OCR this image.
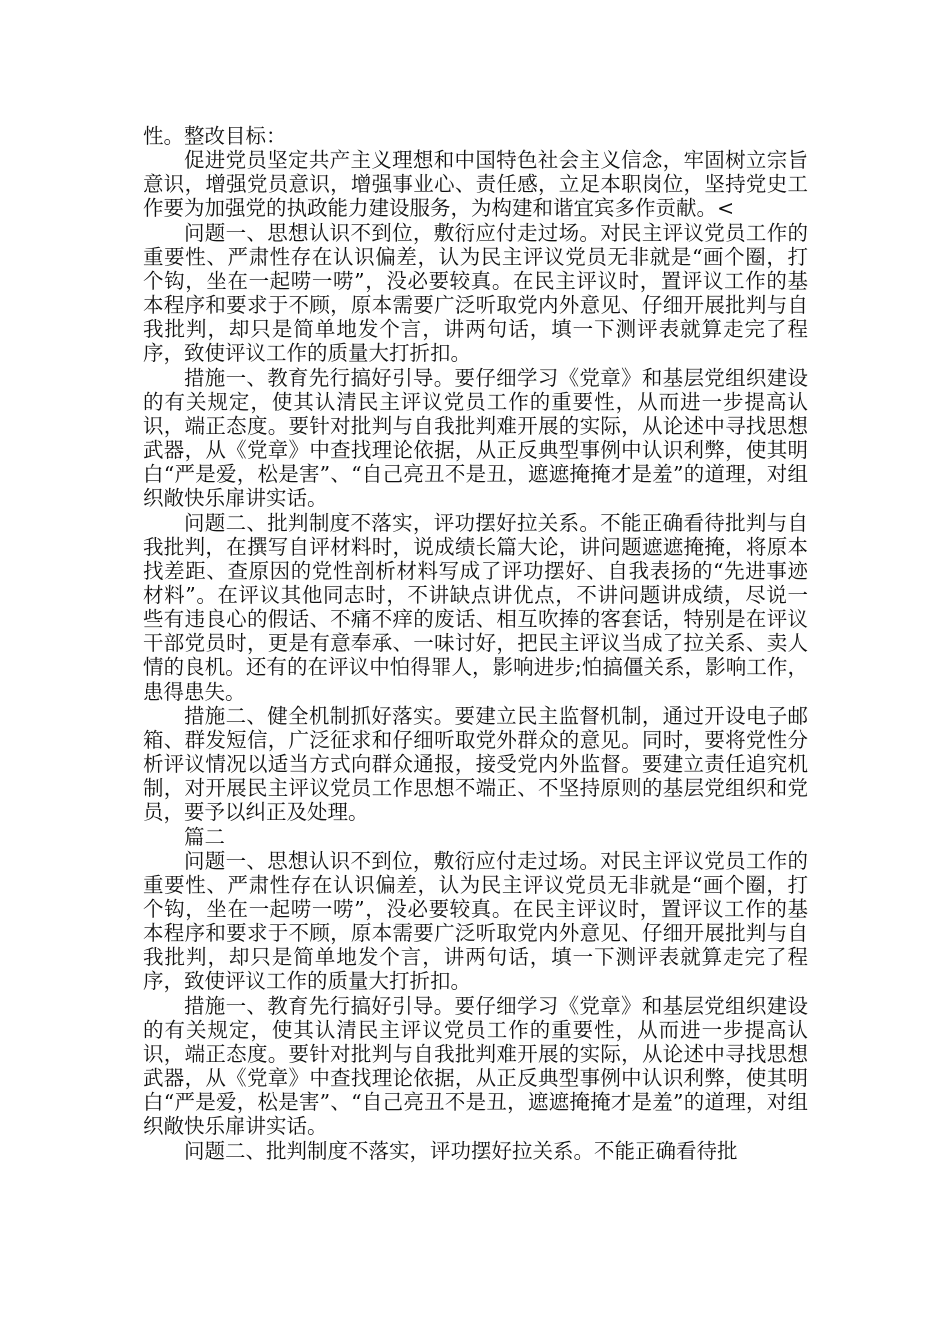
性。整改目标：

促进党员坚定共产主义理想和中国特色社会主义信念，牢固树立宗旨意识，增强党员意识，增强事业心、责任感，立足本职岗位，坚持党史工作要为加强党的执政能力建设服务，为构建和谐宜宾多作贡献。<

问题一、思想认识不到位，敷衍应付走过场。对民主评议党员工作的重要性、严肃性存在认识偏差，认为民主评议党员无非就是“画个圈，打个钩，坐在一起唠一唠”，没必要较真。在民主评议时，置评议工作的基本程序和要求于不顾，原本需要广泛听取党内外意见、仔细开展批判与自我批判，却只是简单地发个言，讲两句话，填一下测评表就算走完了程序，致使评议工作的质量大打折扣。

措施一、教育先行搞好引导。要仔细学习《党章》和基层党组织建设的有关规定，使其认清民主评议党员工作的重要性，从而进一步提高认识，端正态度。要针对批判与自我批判难开展的实际，从论述中寻找思想武器，从《党章》中查找理论依据，从正反典型事例中认识利弊，使其明白“严是爱，松是害”、“自己亮丑不是丑，遮遮掩掩才是羞”的道理，对组织敞快乐扉讲实话。

问题二、批判制度不落实，评功摆好拉关系。不能正确看待批判与自我批判，在撰写自评材料时，说成绩长篇大论，讲问题遮遮掩掩，将原本找差距、查原因的党性剖析材料写成了评功摆好、自我表扬的“先进事迹材料”。在评议其他同志时，不讲缺点讲优点，不讲问题讲成绩，尽说一些有违良心的假话、不痛不痒的废话、相互吹捧的客套话，特别是在评议干部党员时，更是有意奉承、一味讨好，把民主评议当成了拉关系、卖人情的良机。还有的在评议中怕得罪人，影响进步;怕搞僵关系，影响工作，患得患失。

措施二、健全机制抓好落实。要建立民主监督机制，通过开设电子邮箱、群发短信，广泛征求和仔细听取党外群众的意见。同时，要将党性分析评议情况以适当方式向群众通报，接受党内外监督。要建立责任追究机制，对开展民主评议党员工作思想不端正、不坚持原则的基层党组织和党员，要予以纠正及处理。

篇二

问题一、思想认识不到位，敷衍应付走过场。对民主评议党员工作的重要性、严肃性存在认识偏差，认为民主评议党员无非就是“画个圈，打个钩，坐在一起唠一唠”，没必要较真。在民主评议时，置评议工作的基本程序和要求于不顾，原本需要广泛听取党内外意见、仔细开展批判与自我批判，却只是简单地发个言，讲两句话，填一下测评表就算走完了程序，致使评议工作的质量大打折扣。

措施一、教育先行搞好引导。要仔细学习《党章》和基层党组织建设的有关规定，使其认清民主评议党员工作的重要性，从而进一步提高认识，端正态度。要针对批判与自我批判难开展的实际，从论述中寻找思想武器，从《党章》中查找理论依据，从正反典型事例中认识利弊，使其明白“严是爱，松是害”、“自己亮丑不是丑，遮遮掩掩才是羞”的道理，对组织敞快乐扉讲实话。

问题二、批判制度不落实，评功摆好拉关系。不能正确看待批
